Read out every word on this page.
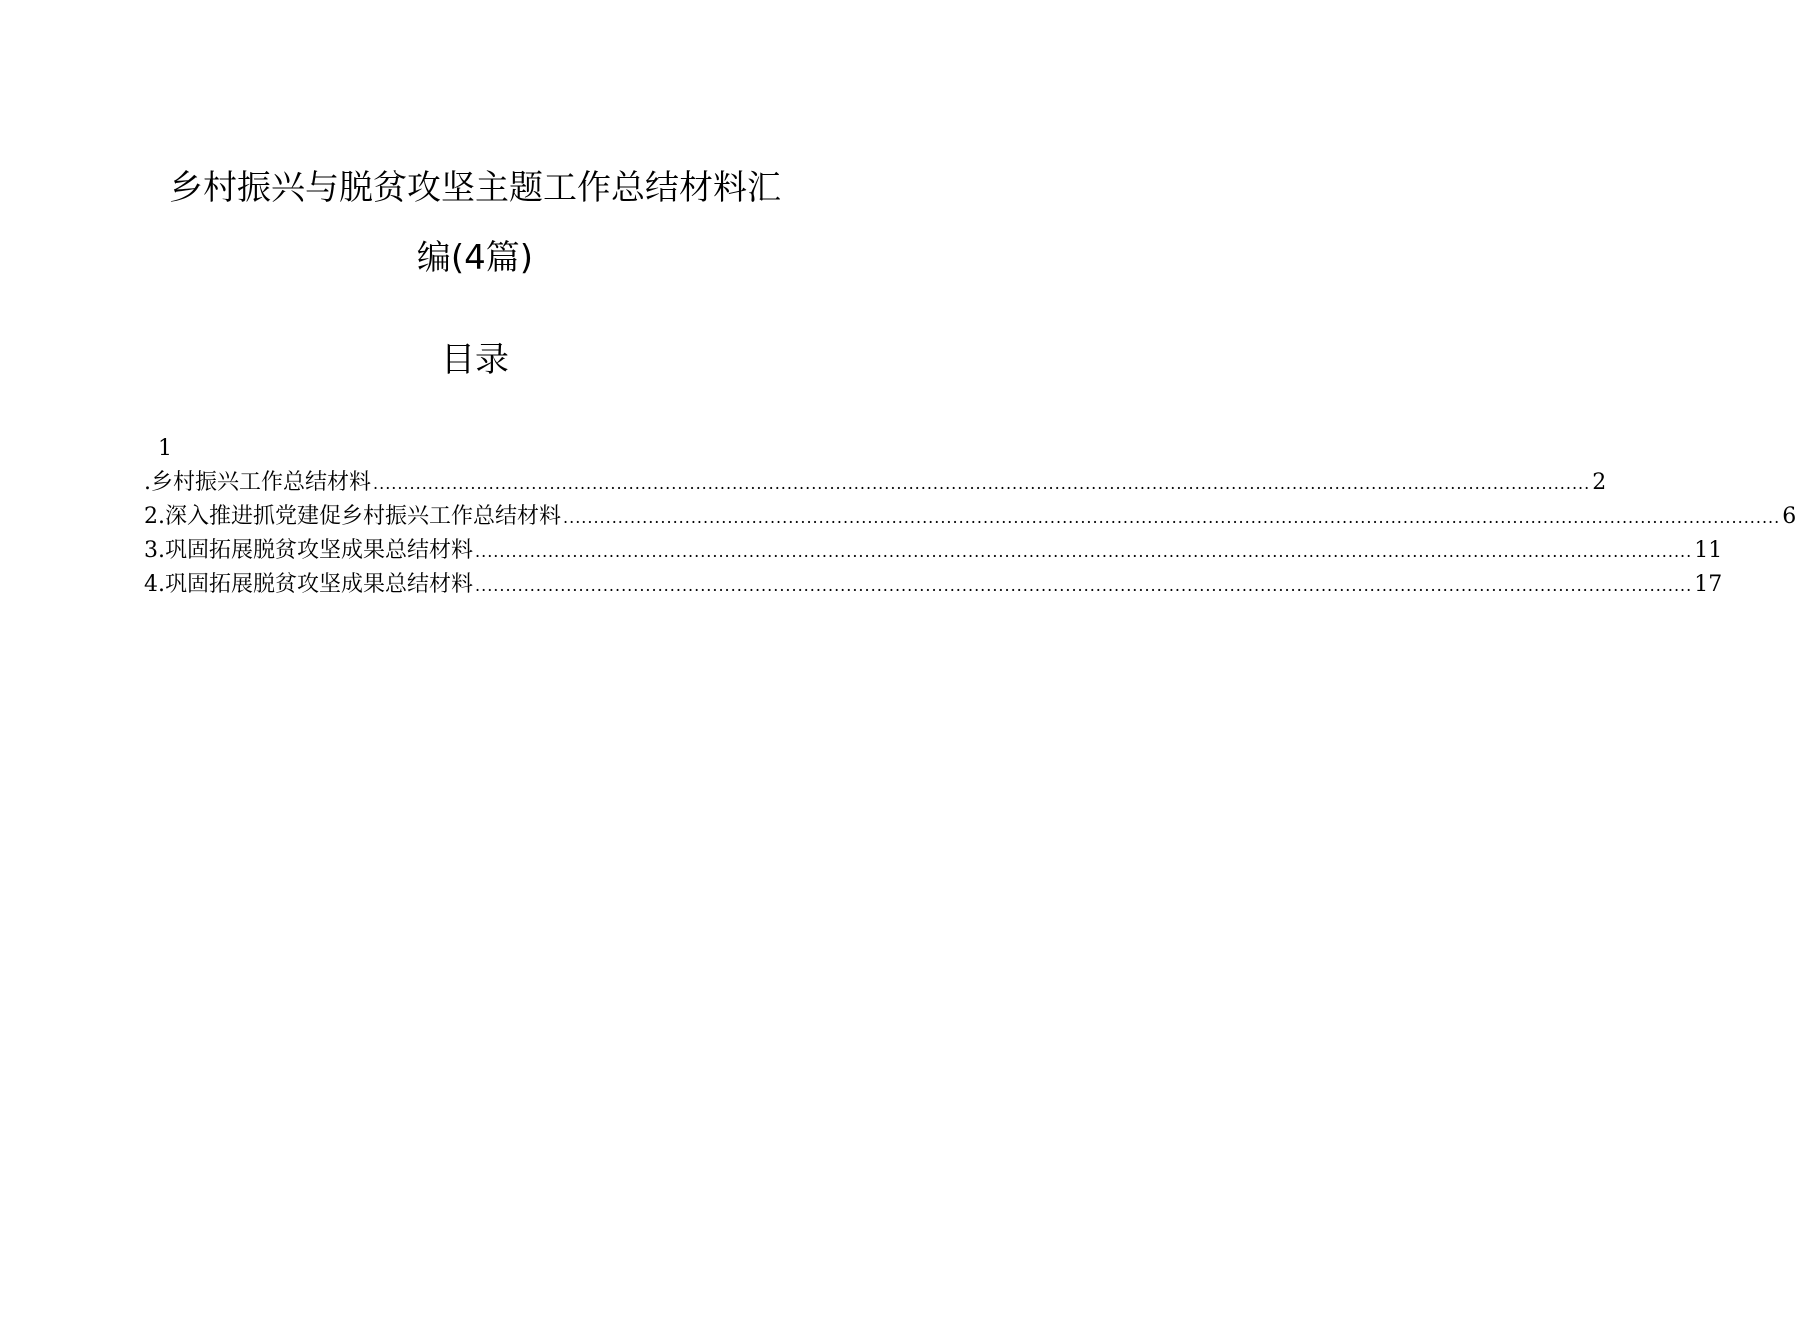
乡村振兴与脱贫攻坚主题工作总结材料汇
编(4篇)
目录
1
. 乡村振兴工作总结材料 ........................................................................................................................................................................................................ 2
2. 深入推进抓党建促乡村振兴工作总结材料 ........................................................................................................................................................................................................ 6
3. 巩固拓展脱贫攻坚成果总结材料 ........................................................................................................................................................................................................ 11
4. 巩固拓展脱贫攻坚成果总结材料 ........................................................................................................................................................................................................ 17
